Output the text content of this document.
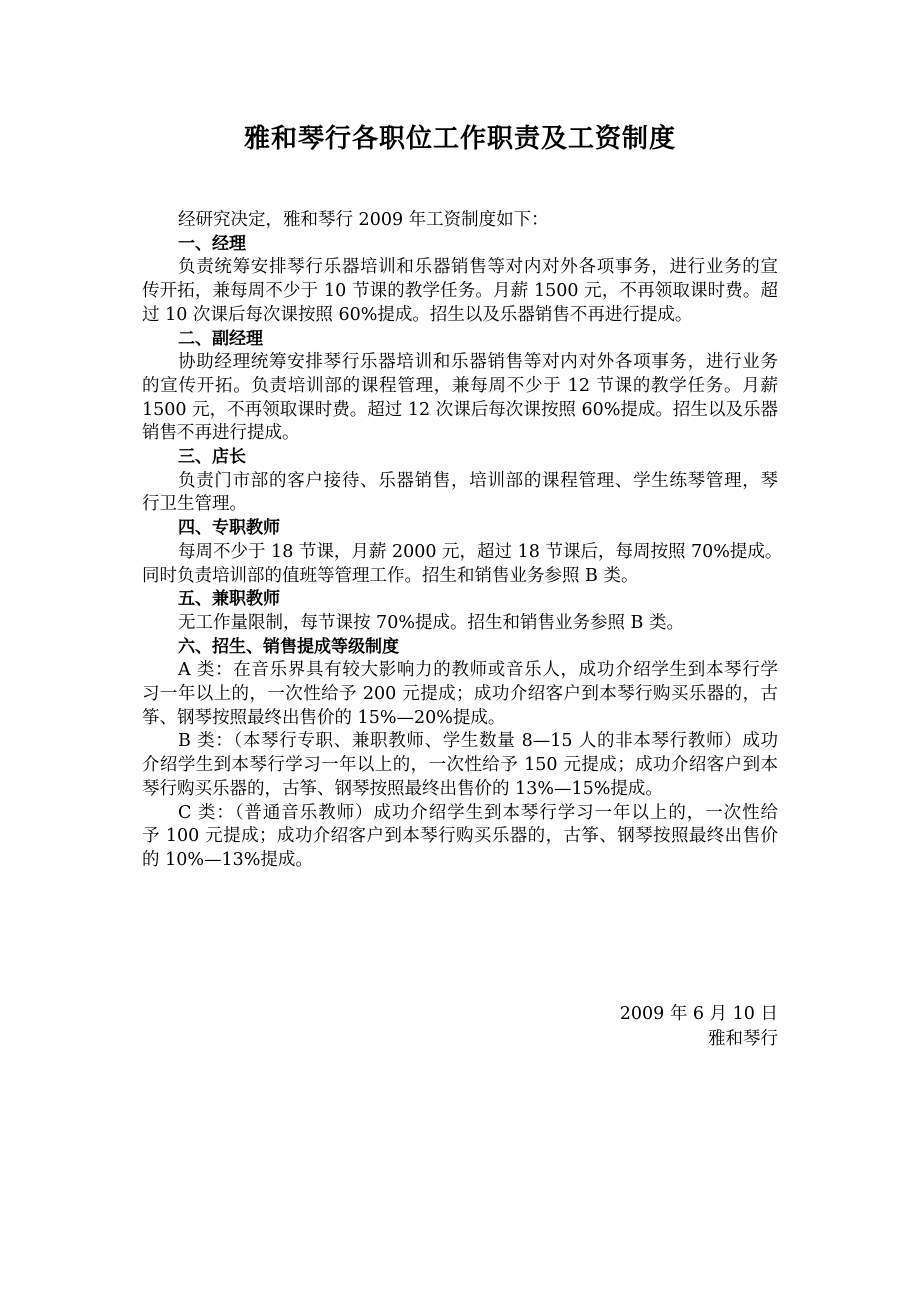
雅和琴行各职位工作职责及工资制度
经研究决定，雅和琴行 2009 年工资制度如下：
一、经理
负责统筹安排琴行乐器培训和乐器销售等对内对外各项事务，进行业务的宣
传开拓，兼每周不少于 10 节课的教学任务。月薪 1500 元，不再领取课时费。超
过 10 次课后每次课按照 60%提成。招生以及乐器销售不再进行提成。
二、副经理
协助经理统筹安排琴行乐器培训和乐器销售等对内对外各项事务，进行业务
的宣传开拓。负责培训部的课程管理，兼每周不少于 12 节课的教学任务。月薪
1500 元，不再领取课时费。超过 12 次课后每次课按照 60%提成。招生以及乐器
销售不再进行提成。
三、店长
负责门市部的客户接待、乐器销售，培训部的课程管理、学生练琴管理，琴
行卫生管理。
四、专职教师
每周不少于 18 节课，月薪 2000 元，超过 18 节课后，每周按照 70%提成。
同时负责培训部的值班等管理工作。招生和销售业务参照 B 类。
五、兼职教师
无工作量限制，每节课按 70%提成。招生和销售业务参照 B 类。
六、招生、销售提成等级制度
A 类：在音乐界具有较大影响力的教师或音乐人，成功介绍学生到本琴行学
习一年以上的，一次性给予 200 元提成；成功介绍客户到本琴行购买乐器的，古
筝、钢琴按照最终出售价的 15%—20%提成。
B 类：（本琴行专职、兼职教师、学生数量 8—15 人的非本琴行教师）成功
介绍学生到本琴行学习一年以上的，一次性给予 150 元提成；成功介绍客户到本
琴行购买乐器的，古筝、钢琴按照最终出售价的 13%—15%提成。
C 类：（普通音乐教师）成功介绍学生到本琴行学习一年以上的，一次性给
予 100 元提成；成功介绍客户到本琴行购买乐器的，古筝、钢琴按照最终出售价
的 10%—13%提成。
2009 年 6 月 10 日
雅和琴行
